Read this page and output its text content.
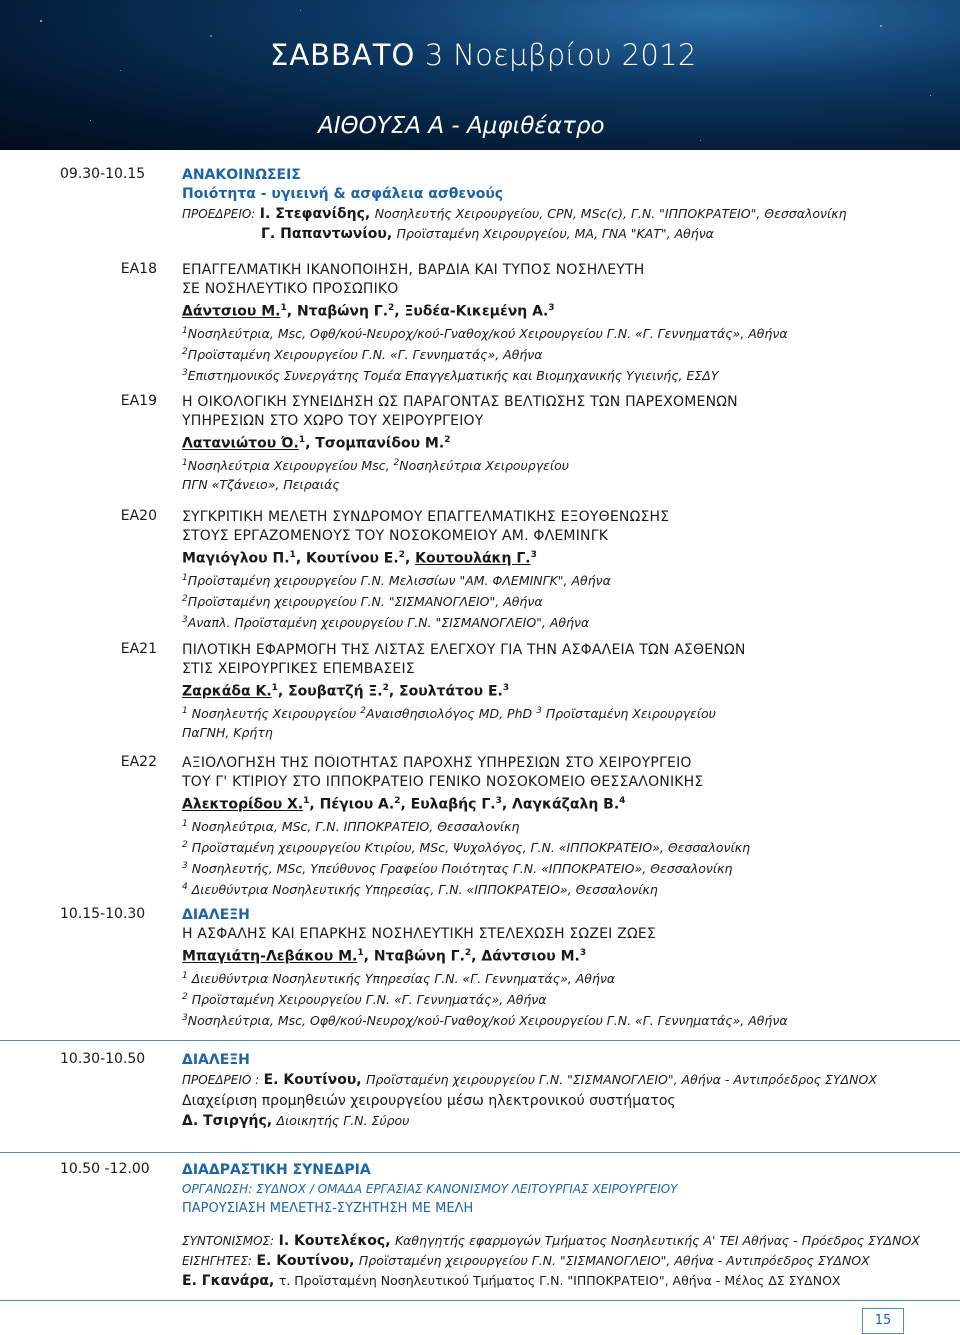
ΣΑΒΒΑΤΟ 3 Νοεμβρίου 2012
ΑΙΘΟΥΣΑ Α - Αμφιθέατρο
09.30-10.15	ΑΝΑΚΟΙΝΩΣΕΙΣ
Ποιότητα - υγιεινή & ασφάλεια ασθενούς
ΠΡΟΕΔΡΕΙΟ: Ι. Στεφανίδης, Νοσηλευτής Χειρουργείου, CPN, MSc(c), Γ.Ν. "ΙΠΠΟΚΡΑΤΕΙΟ", Θεσσαλονίκη
Γ. Παπαντωνίου, Προϊσταμένη Χειρουργείου, ΜΑ, ΓΝΑ "ΚΑΤ", Αθήνα
ΕΑ18 ΕΠΑΓΓΕΛΜΑΤΙΚΗ ΙΚΑΝΟΠΟΙΗΣΗ, ΒΑΡΔΙΑ ΚΑΙ ΤΥΠΟΣ ΝΟΣΗΛΕΥΤΗ
ΣΕ ΝΟΣΗΛΕΥΤΙΚΟ ΠΡΟΣΩΠΙΚΟ
Δάντσιου Μ.$^1$, Νταβώνη Γ.$^2$, Ξυδέα-Κικεμένη Α.$^3$
$^1$Νοσηλεύτρια, Msc, Οφθ/κού-Νευροχ/κού-Γναθοχ/κού Χειρουργείου Γ.Ν. «Γ. Γεννηματάς», Αθήνα
$^2$Προϊσταμένη Χειρουργείου Γ.Ν. «Γ. Γεννηματάς», Αθήνα
$^3$Επιστημονικός Συνεργάτης Τομέα Επαγγελματικής και Βιομηχανικής Υγιεινής, ΕΣΔΥ
ΕΑ19 Η ΟΙΚΟΛΟΓΙΚΗ ΣΥΝΕΙΔΗΣΗ ΩΣ ΠΑΡΑΓΟΝΤΑΣ ΒΕΛΤΙΩΣΗΣ ΤΩΝ ΠΑΡΕΧΟΜΕΝΩΝ
ΥΠΗΡΕΣΙΩΝ ΣΤΟ ΧΩΡΟ ΤΟΥ ΧΕΙΡΟΥΡΓΕΙΟΥ
Λατανιώτου Ό.$^1$, Τσομπανίδου Μ.$^2$
$^1$Νοσηλεύτρια Χειρουργείου Msc, $^2$Νοσηλεύτρια Χειρουργείου
ΠΓΝ «Τζάνειο», Πειραιάς
ΕΑ20 ΣΥΓΚΡΙΤΙΚΗ ΜΕΛΕΤΗ ΣΥΝΔΡΟΜΟΥ ΕΠΑΓΓΕΛΜΑΤΙΚΗΣ ΕΞΟΥΘΕΝΩΣΗΣ
ΣΤΟΥΣ ΕΡΓΑΖΟΜΕΝΟΥΣ ΤΟΥ ΝΟΣΟΚΟΜΕΙΟΥ ΑΜ. ΦΛΕΜΙΝΓΚ
Μαγιόγλου Π.$^1$, Κουτίνου Ε.$^2$, Κουτουλάκη Γ.$^3$
$^1$Προϊσταμένη χειρουργείου Γ.Ν. Μελισσίων "ΑΜ. ΦΛΕΜΙΝΓΚ", Αθήνα
$^2$Προϊσταμένη χειρουργείου Γ.Ν. "ΣΙΣΜΑΝΟΓΛΕΙΟ", Αθήνα
$^3$Αναπλ. Προϊσταμένη χειρουργείου Γ.Ν. "ΣΙΣΜΑΝΟΓΛΕΙΟ", Αθήνα
ΕΑ21 ΠΙΛΟΤΙΚΗ ΕΦΑΡΜΟΓΗ ΤΗΣ ΛΙΣΤΑΣ ΕΛΕΓΧΟΥ ΓΙΑ ΤΗΝ ΑΣΦΑΛΕΙΑ ΤΩΝ ΑΣΘΕΝΩΝ
ΣΤΙΣ ΧΕΙΡΟΥΡΓΙΚΕΣ ΕΠΕΜΒΑΣΕΙΣ
Ζαρκάδα Κ.$^1$, Σουβατζή Ξ.$^2$, Σουλτάτου Ε.$^3$
$^1$ Νοσηλευτής Χειρουργείου $^2$Αναισθησιολόγος MD, PhD $^3$ Προϊσταμένη Χειρουργείου
ΠαΓΝΗ, Κρήτη
ΕΑ22 ΑΞΙΟΛΟΓΗΣΗ ΤΗΣ ΠΟΙΟΤΗΤΑΣ ΠΑΡΟΧΗΣ ΥΠΗΡΕΣΙΩΝ ΣΤΟ ΧΕΙΡΟΥΡΓΕΙΟ
ΤΟΥ Γ' ΚΤΙΡΙΟΥ ΣΤΟ ΙΠΠΟΚΡΑΤΕΙΟ ΓΕΝΙΚΟ ΝΟΣΟΚΟΜΕΙΟ ΘΕΣΣΑΛΟΝΙΚΗΣ
Αλεκτορίδου Χ.$^1$, Πέγιου Α.$^2$, Ευλαβής Γ.$^3$, Λαγκάζαλη Β.$^4$
$^1$ Νοσηλεύτρια, MSc, Γ.Ν. ΙΠΠΟΚΡΑΤΕΙΟ, Θεσσαλονίκη
$^2$ Προϊσταμένη χειρουργείου Κτιρίου, MSc, Ψυχολόγος, Γ.Ν. «ΙΠΠΟΚΡΑΤΕΙΟ», Θεσσαλονίκη
$^3$ Νοσηλευτής, MSc, Υπεύθυνος Γραφείου Ποιότητας Γ.Ν. «ΙΠΠΟΚΡΑΤΕΙΟ», Θεσσαλονίκη
$^4$ Διευθύντρια Νοσηλευτικής Υπηρεσίας, Γ.Ν. «ΙΠΠΟΚΡΑΤΕΙΟ», Θεσσαλονίκη
10.15-10.30	ΔΙΑΛΕΞΗ
Η ΑΣΦΑΛΗΣ ΚΑΙ ΕΠΑΡΚΗΣ ΝΟΣΗΛΕΥΤΙΚΗ ΣΤΕΛΕΧΩΣΗ ΣΩΖΕΙ ΖΩΕΣ
Μπαγιάτη-Λεβάκου Μ.$^1$, Νταβώνη Γ.$^2$, Δάντσιου Μ.$^3$
$^1$ Διευθύντρια Νοσηλευτικής Υπηρεσίας Γ.Ν. «Γ. Γεννηματάς», Αθήνα
$^2$ Προϊσταμένη Χειρουργείου Γ.Ν. «Γ. Γεννηματάς», Αθήνα
$^3$Νοσηλεύτρια, Msc, Οφθ/κού-Νευροχ/κού-Γναθοχ/κού Χειρουργείου Γ.Ν. «Γ. Γεννηματάς», Αθήνα
10.30-10.50	ΔΙΑΛΕΞΗ
ΠΡΟΕΔΡΕΙΟ : Ε. Κουτίνου, Προϊσταμένη χειρουργείου Γ.Ν. "ΣΙΣΜΑΝΟΓΛΕΙΟ", Αθήνα - Αντιπρόεδρος ΣΥΔΝΟΧ
Διαχείριση προμηθειών χειρουργείου μέσω ηλεκτρονικού συστήματος
Δ. Τσιργής, Διοικητής Γ.Ν. Σύρου
10.50 -12.00 ΔΙΑΔΡΑΣΤΙΚΗ ΣΥΝΕΔΡΙΑ
ΟΡΓΑΝΩΣΗ: ΣΥΔΝΟΧ / ΟΜΑΔΑ ΕΡΓΑΣΙΑΣ ΚΑΝΟΝΙΣΜΟΥ ΛΕΙΤΟΥΡΓΙΑΣ ΧΕΙΡΟΥΡΓΕΙΟΥ
ΠΑΡΟΥΣΙΑΣΗ ΜΕΛΕΤΗΣ-ΣΥΖΗΤΗΣΗ ΜΕ ΜΕΛΗ
ΣΥΝΤΟΝΙΣΜΟΣ: Ι. Κουτελέκος, Καθηγητής εφαρμογών Τμήματος Νοσηλευτικής Α' ΤΕΙ Αθήνας - Πρόεδρος ΣΥΔΝΟΧ
ΕΙΣΗΓΗΤΕΣ: Ε. Κουτίνου, Προϊσταμένη χειρουργείου Γ.Ν. "ΣΙΣΜΑΝΟΓΛΕΙΟ", Αθήνα - Αντιπρόεδρος ΣΥΔΝΟΧ
Ε. Γκανάρα, τ. Προϊσταμένη Νοσηλευτικού Τμήματος Γ.Ν. "ΙΠΠΟΚΡΑΤΕΙΟ", Αθήνα - Μέλος ΔΣ ΣΥΔΝΟΧ
15
